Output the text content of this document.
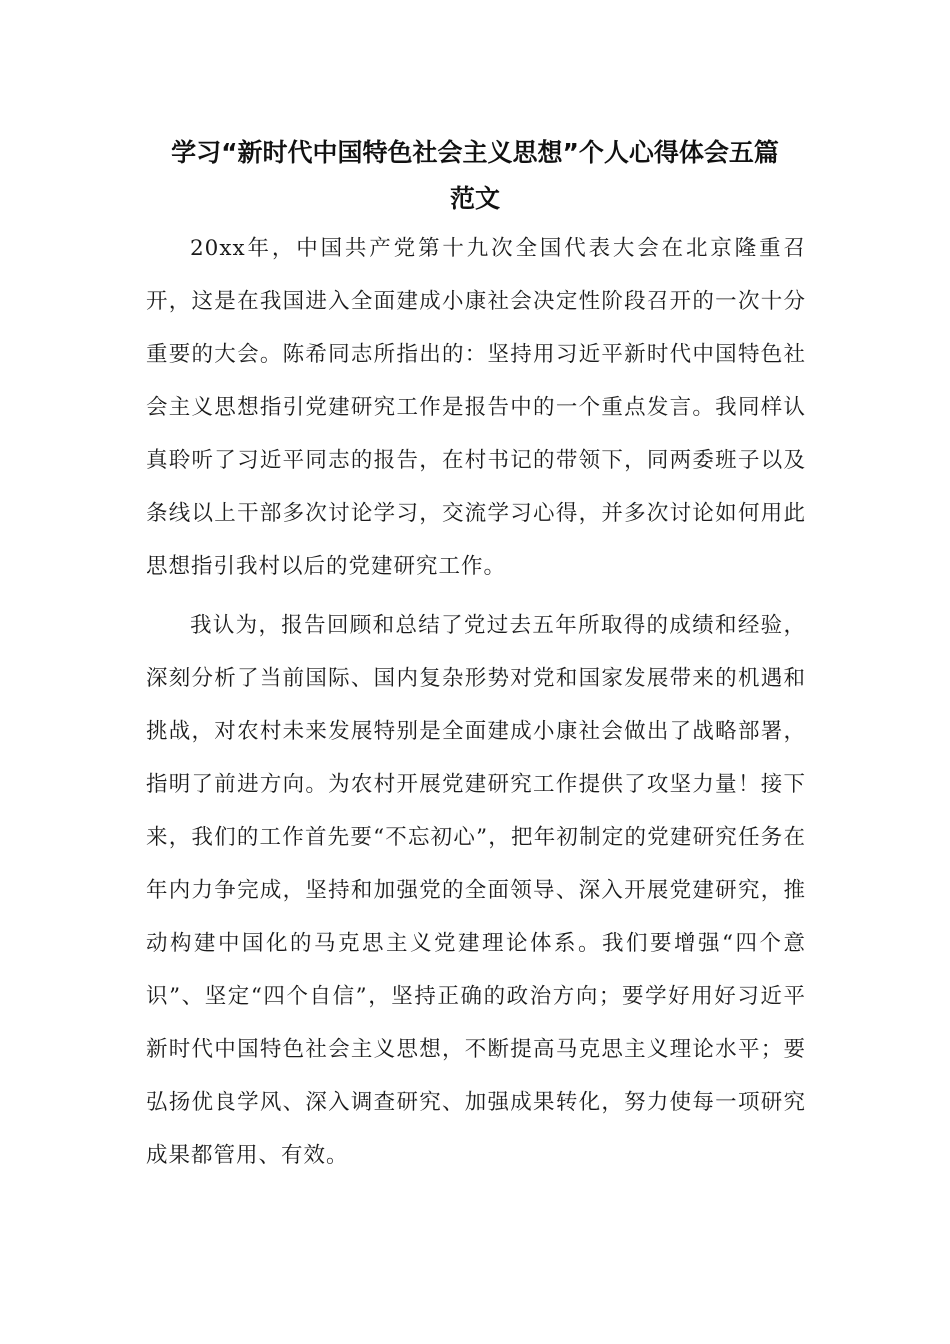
学习“新时代中国特色社会主义思想”个人心得体会五篇
范文

20xx年，中国共产党第十九次全国代表大会在北京隆重召开，这是在我国进入全面建成小康社会决定性阶段召开的一次十分重要的大会。陈希同志所指出的：坚持用习近平新时代中国特色社会主义思想指引党建研究工作是报告中的一个重点发言。我同样认真聆听了习近平同志的报告，在村书记的带领下，同两委班子以及条线以上干部多次讨论学习，交流学习心得，并多次讨论如何用此思想指引我村以后的党建研究工作。

我认为，报告回顾和总结了党过去五年所取得的成绩和经验，深刻分析了当前国际、国内复杂形势对党和国家发展带来的机遇和挑战，对农村未来发展特别是全面建成小康社会做出了战略部署，指明了前进方向。为农村开展党建研究工作提供了攻坚力量！接下来，我们的工作首先要“不忘初心”，把年初制定的党建研究任务在年内力争完成，坚持和加强党的全面领导、深入开展党建研究，推动构建中国化的马克思主义党建理论体系。我们要增强“四个意识”、坚定“四个自信”，坚持正确的政治方向；要学好用好习近平新时代中国特色社会主义思想，不断提高马克思主义理论水平；要弘扬优良学风、深入调查研究、加强成果转化，努力使每一项研究成果都管用、有效。
